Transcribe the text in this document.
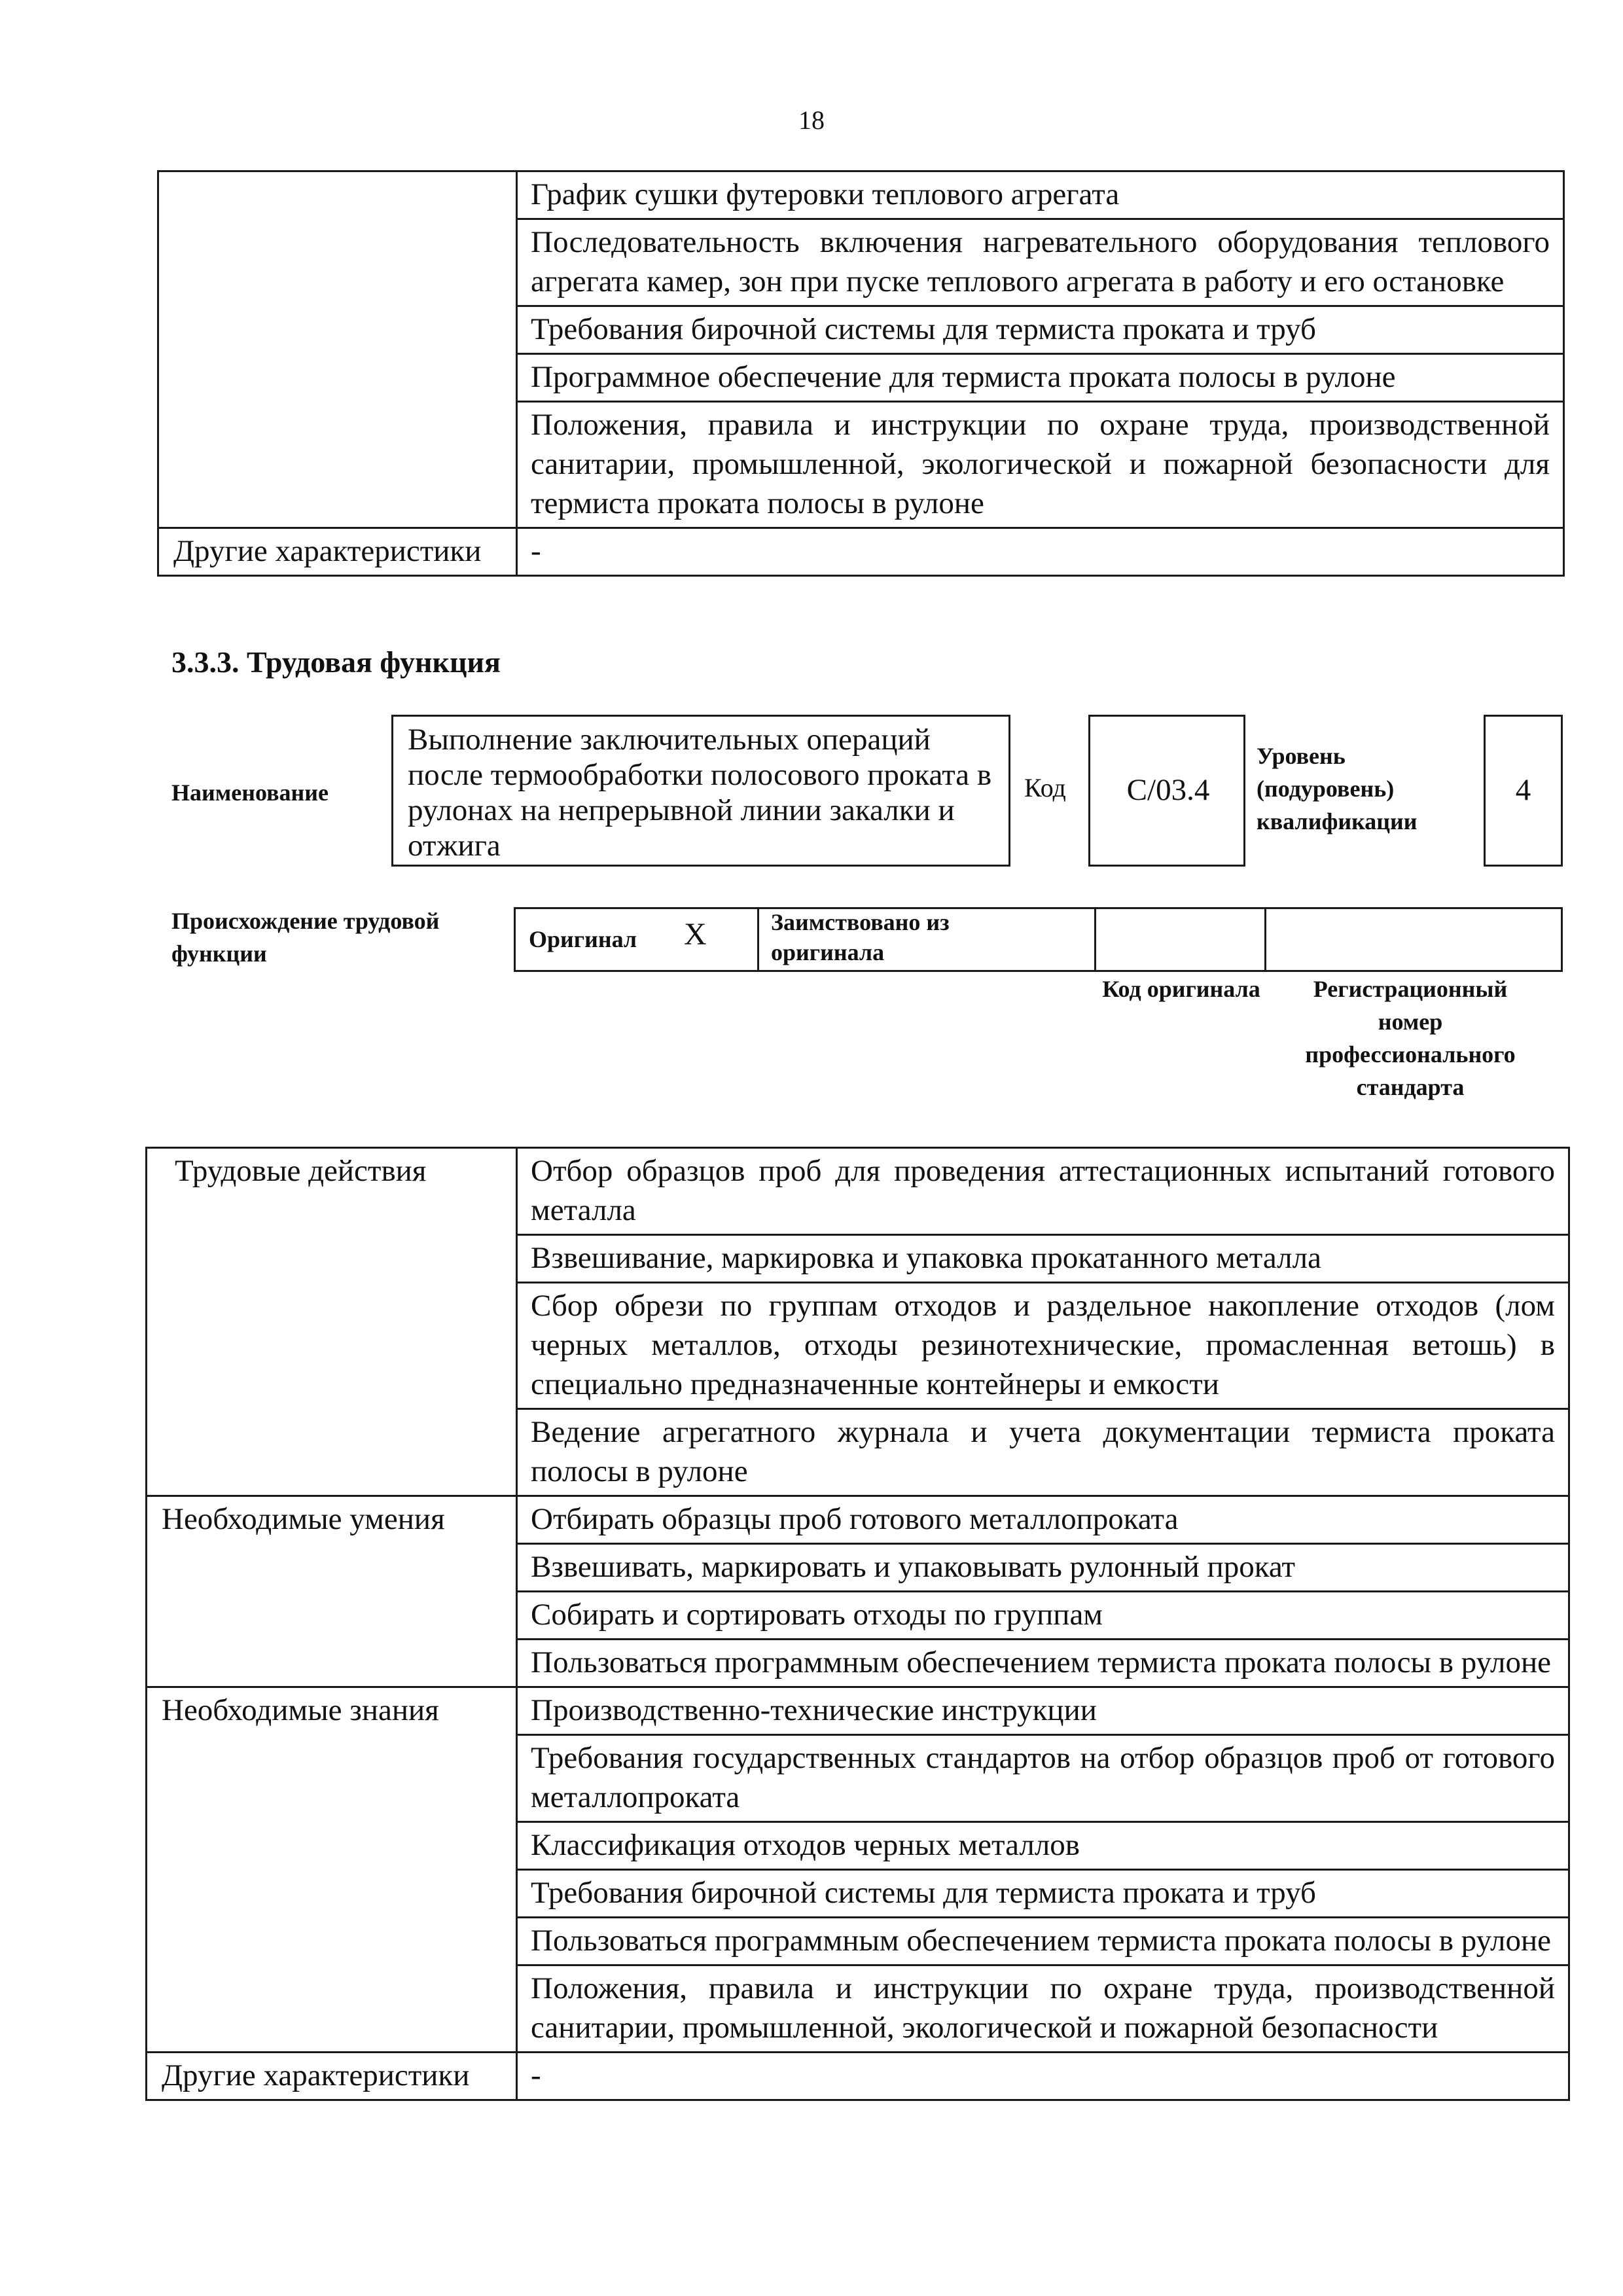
18
	График сушки футеровки теплового агрегата
	Последовательность включения нагревательного оборудования теплового агрегата камер, зон при пуске теплового агрегата в работу и его остановке
	Требования бирочной системы для термиста проката и труб
	Программное обеспечение для термиста проката полосы в рулоне
	Положения, правила и инструкции по охране труда, производственной санитарии, промышленной, экологической и пожарной безопасности для термиста проката полосы в рулоне
Другие характеристики	-
3.3.3. Трудовая функция
Наименование
Выполнение заключительных операций после термообработки полосового проката в рулонах на непрерывной линии закалки и отжига
Код	C/03.4
Уровень (подуровень) квалификации
4
Происхождение трудовой функции
Оригинал X	Заимствовано из оригинала
Код оригинала	Регистрационный номер профессионального стандарта
Трудовые действия	Отбор образцов проб для проведения аттестационных испытаний готового металла
	Взвешивание, маркировка и упаковка прокатанного металла
	Сбор обрези по группам отходов и раздельное накопление отходов (лом черных металлов, отходы резинотехнические, промасленная ветошь) в специально предназначенные контейнеры и емкости
	Ведение агрегатного журнала и учета документации термиста проката полосы в рулоне
Необходимые умения	Отбирать образцы проб готового металлопроката
	Взвешивать, маркировать и упаковывать рулонный прокат
	Собирать и сортировать отходы по группам
	Пользоваться программным обеспечением термиста проката полосы в рулоне
Необходимые знания	Производственно-технические инструкции
	Требования государственных стандартов на отбор образцов проб от готового металлопроката
	Классификация отходов черных металлов
	Требования бирочной системы для термиста проката и труб
	Пользоваться программным обеспечением термиста проката полосы в рулоне
	Положения, правила и инструкции по охране труда, производственной санитарии, промышленной, экологической и пожарной безопасности
Другие характеристики	-
